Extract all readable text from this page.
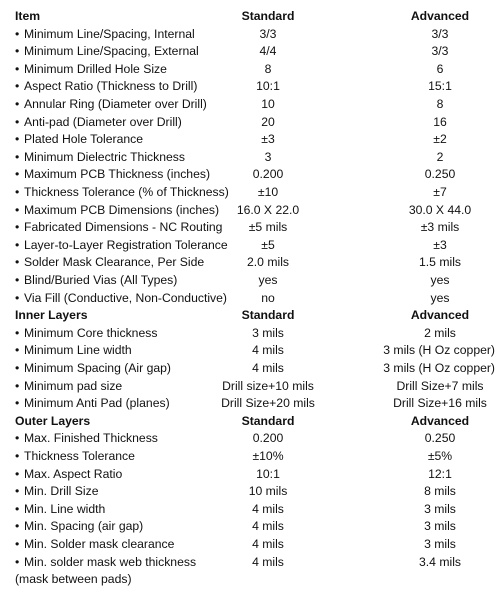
Item	Standard	Advanced
• Minimum Line/Spacing, Internal	3/3	3/3
• Minimum Line/Spacing, External	4/4	3/3
• Minimum Drilled Hole Size	8	6
• Aspect Ratio (Thickness to Drill)	10:1	15:1
• Annular Ring (Diameter over Drill)	10	8
• Anti-pad (Diameter over Drill)	20	16
• Plated Hole Tolerance	±3	±2
• Minimum Dielectric Thickness	3	2
• Maximum PCB Thickness (inches)	0.200	0.250
• Thickness Tolerance (% of Thickness) ±10	±7
• Maximum PCB Dimensions (inches) 16.0 X 22.0	30.0 X 44.0
• Fabricated Dimensions - NC Routing ±5 mils	±3 mils
• Layer-to-Layer Registration Tolerance	±5	±3
• Solder Mask Clearance, Per Side	2.0 mils	1.5 mils
• Blind/Buried Vias (All Types)	yes	yes
• Via Fill (Conductive, Non-Conductive)	no	yes
Inner Layers	Standard	Advanced
• Minimum Core thickness	3 mils	2 mils
• Minimum Line width	4 mils	3 mils (H Oz copper)
• Minimum Spacing (Air gap)	4 mils	3 mils (H Oz copper)
• Minimum pad size	Drill size+10 mils	Drill Size+7 mils
• Minimum Anti Pad (planes)	Drill Size+20 mils	Drill Size+16 mils
Outer Layers	Standard	Advanced
• Max. Finished Thickness	0.200	0.250
• Thickness Tolerance	±10%	±5%
• Max. Aspect Ratio	10:1	12:1
• Min. Drill Size	10 mils	8 mils
• Min. Line width	4 mils	3 mils
• Min. Spacing (air gap)	4 mils	3 mils
• Min. Solder mask clearance	4 mils	3 mils
• Min. solder mask web thickness	4 mils	3.4 mils
(mask between pads)
